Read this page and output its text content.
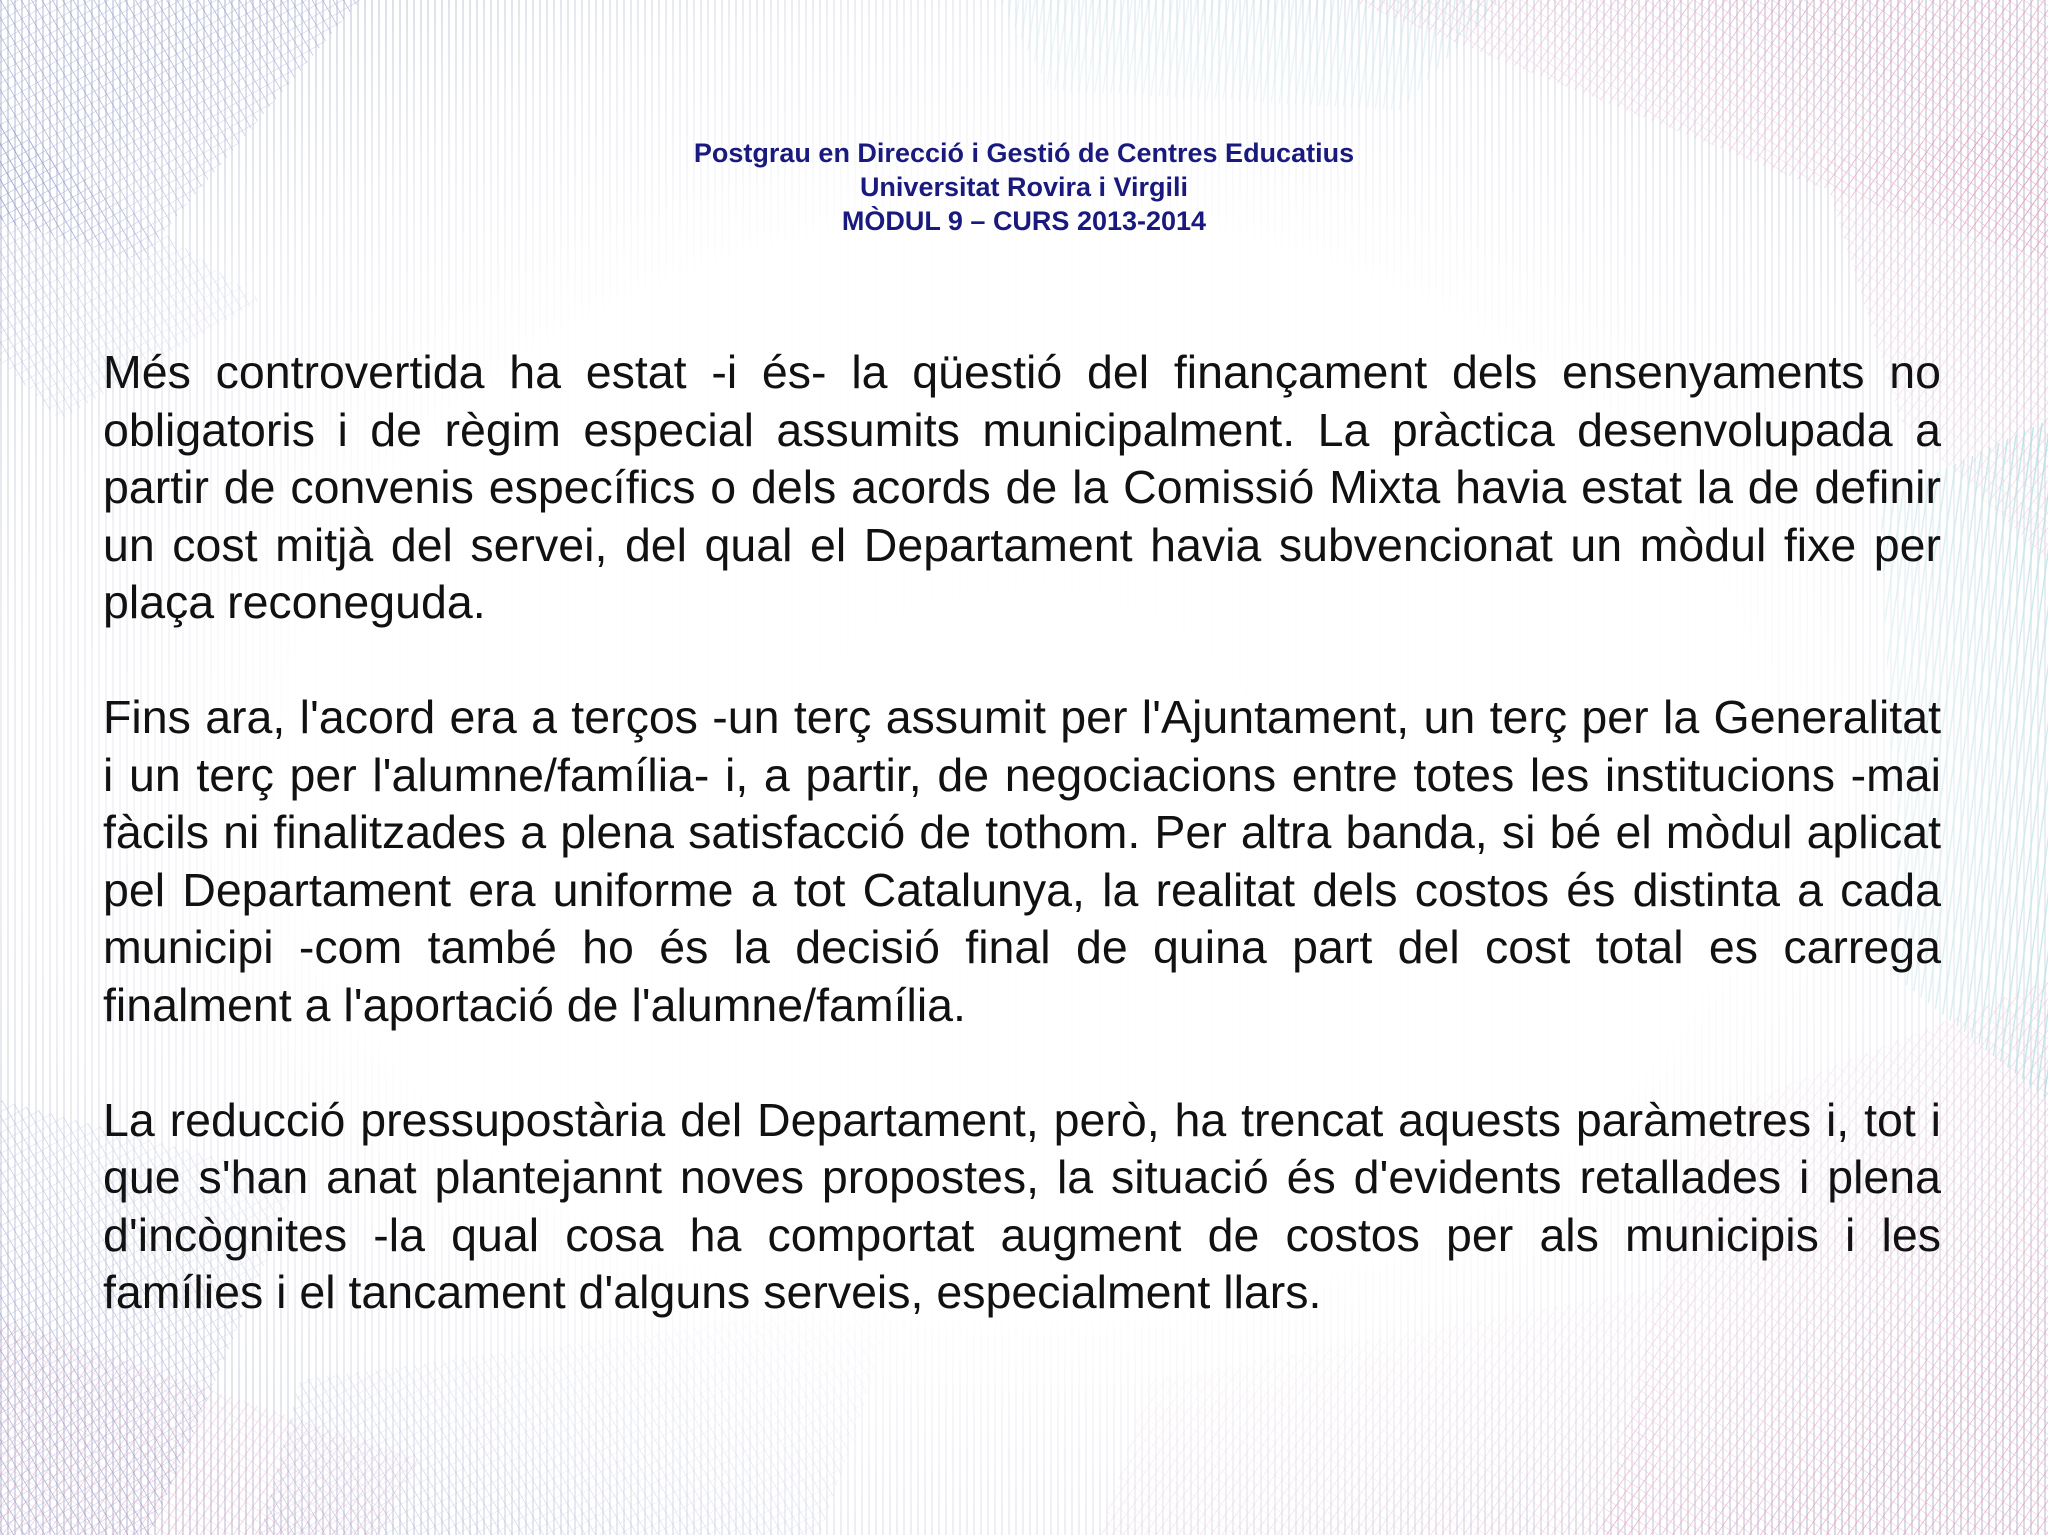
Postgrau en Direcció i Gestió de Centres Educatius
Universitat Rovira i Virgili
MÒDUL 9 – CURS 2013-2014

Més controvertida ha estat -i és- la qüestió del finançament dels ensenyaments no obligatoris i de règim especial assumits municipalment. La pràctica desenvolupada a partir de convenis específics o dels acords de la Comissió Mixta havia estat la de definir un cost mitjà del servei, del qual el Departament havia subvencionat un mòdul fixe per plaça reconeguda.

Fins ara, l'acord era a terços -un terç assumit per l'Ajuntament, un terç per la Generalitat i un terç per l'alumne/família- i, a partir, de negociacions entre totes les institucions -mai fàcils ni finalitzades a plena satisfacció de tothom. Per altra banda, si bé el mòdul aplicat pel Departament era uniforme a tot Catalunya, la realitat dels costos és distinta a cada municipi -com també ho és la decisió final de quina part del cost total es carrega finalment a l'aportació de l'alumne/família.

La reducció pressupostària del Departament, però, ha trencat aquests paràmetres i, tot i que s'han anat plantejannt noves propostes, la situació és d'evidents retallades i plena d'incògnites -la qual cosa ha comportat augment de costos per als municipis i les famílies i el tancament d'alguns serveis, especialment llars.
